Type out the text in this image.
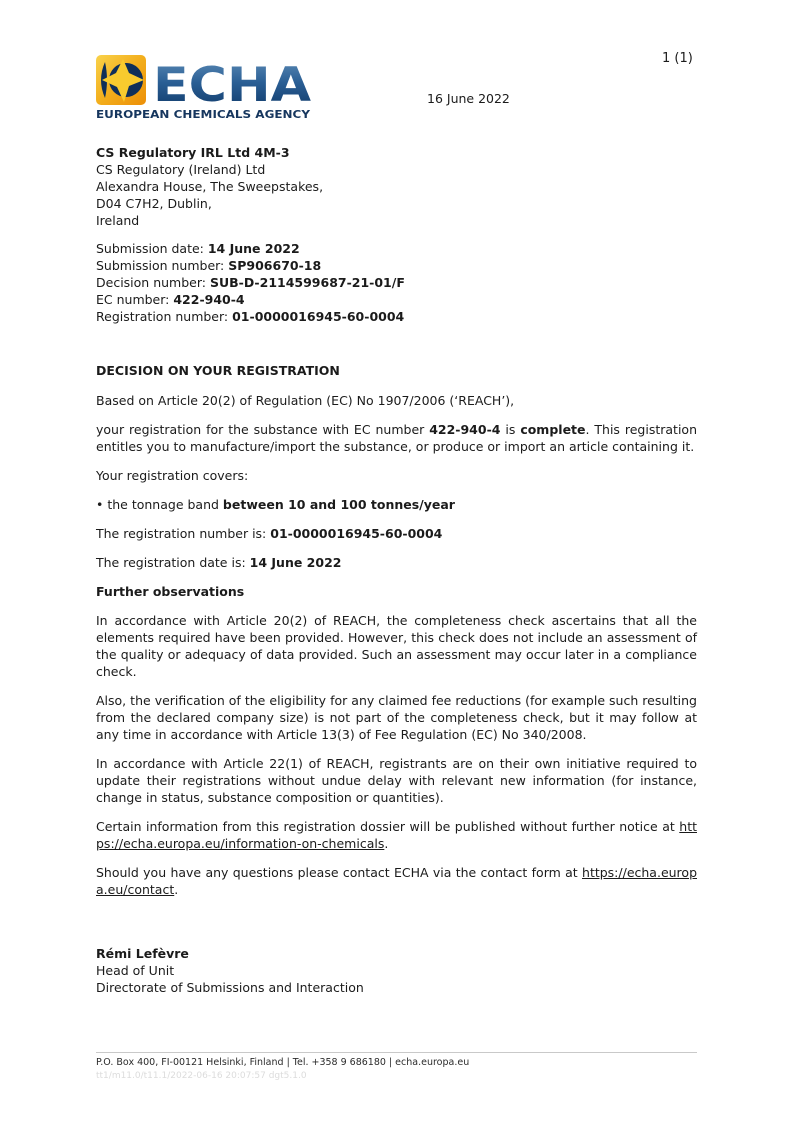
ECHA
EUROPEAN CHEMICALS AGENCY
1 (1)
16 June 2022
CS Regulatory IRL Ltd 4M-3
CS Regulatory (Ireland) Ltd
Alexandra House, The Sweepstakes,
D04 C7H2, Dublin,
Ireland
Submission date: 14 June 2022
Submission number: SP906670-18
Decision number: SUB-D-2114599687-21-01/F
EC number: 422-940-4
Registration number: 01-0000016945-60-0004
DECISION ON YOUR REGISTRATION

Based on Article 20(2) of Regulation (EC) No 1907/2006 (‘REACH’),

your registration for the substance with EC number 422-940-4 is complete. This registration entitles you to manufacture/import the substance, or produce or import an article containing it.

Your registration covers:

• the tonnage band between 10 and 100 tonnes/year

The registration number is: 01-0000016945-60-0004

The registration date is: 14 June 2022

Further observations

In accordance with Article 20(2) of REACH, the completeness check ascertains that all the elements required have been provided. However, this check does not include an assessment of the quality or adequacy of data provided. Such an assessment may occur later in a compliance check.

Also, the verification of the eligibility for any claimed fee reductions (for example such resulting from the declared company size) is not part of the completeness check, but it may follow at any time in accordance with Article 13(3) of Fee Regulation (EC) No 340/2008.

In accordance with Article 22(1) of REACH, registrants are on their own initiative required to update their registrations without undue delay with relevant new information (for instance, change in status, substance composition or quantities).

Certain information from this registration dossier will be published without further notice at https://echa.europa.eu/information-on-chemicals.

Should you have any questions please contact ECHA via the contact form at https://echa.europa.eu/contact.

Rémi Lefèvre
Head of Unit
Directorate of Submissions and Interaction
P.O. Box 400, FI-00121 Helsinki, Finland | Tel. +358 9 686180 | echa.europa.eu
tt1/m11.0/t11.1/2022-06-16 20:07:57 dgt5.1.0
